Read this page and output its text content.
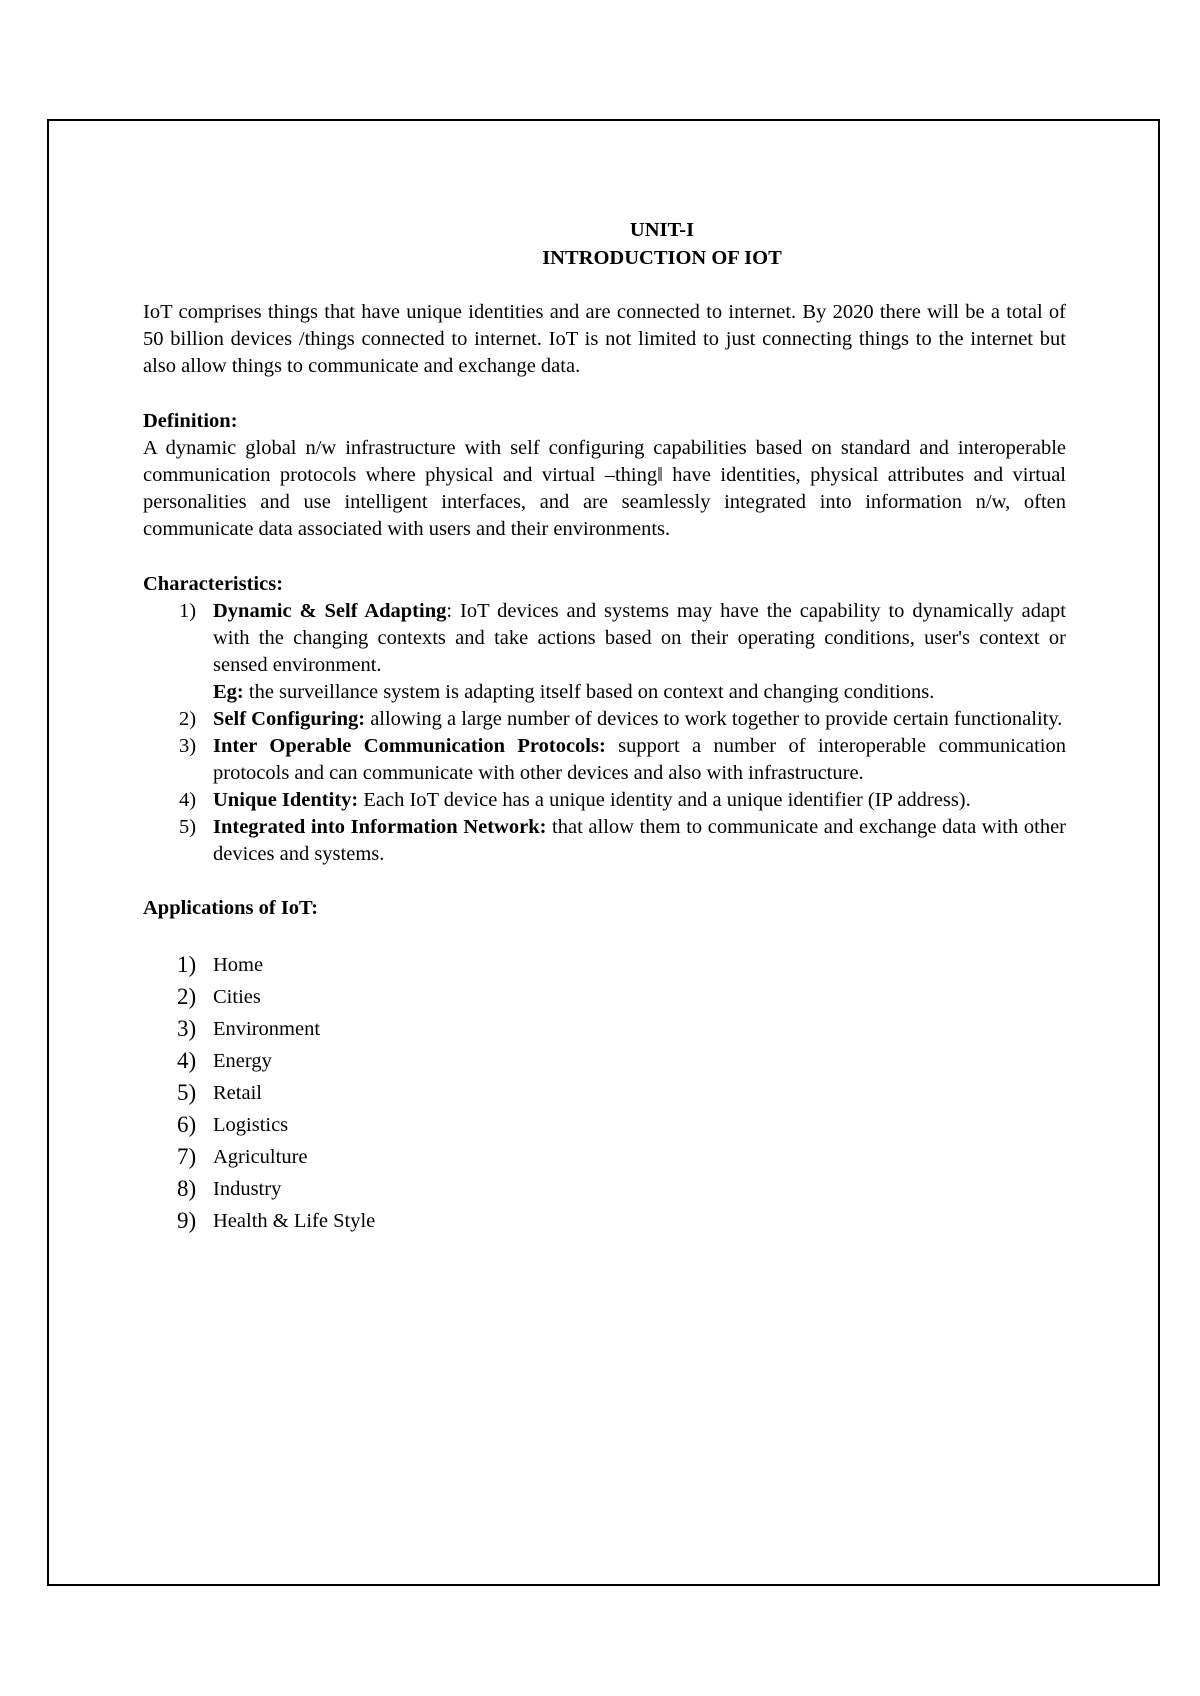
UNIT-I
INTRODUCTION OF IOT

IoT comprises things that have unique identities and are connected to internet. By 2020 there will be a total of 50 billion devices /things connected to internet. IoT is not limited to just connecting things to the internet but also allow things to communicate and exchange data.

Definition:

A dynamic global n/w infrastructure with self configuring capabilities based on standard and interoperable communication protocols where physical and virtual –thing‖ have identities, physical attributes and virtual personalities and use intelligent interfaces, and are seamlessly integrated into information n/w, often communicate data associated with users and their environments.

Characteristics:
1) Dynamic & Self Adapting: IoT devices and systems may have the capability to dynamically adapt with the changing contexts and take actions based on their operating conditions, user's context or sensed environment.
Eg: the surveillance system is adapting itself based on context and changing conditions.
2) Self Configuring: allowing a large number of devices to work together to provide certain functionality.
3) Inter Operable Communication Protocols: support a number of interoperable communication protocols and can communicate with other devices and also with infrastructure.
4) Unique Identity: Each IoT device has a unique identity and a unique identifier (IP address).
5) Integrated into Information Network: that allow them to communicate and exchange data with other devices and systems.
Applications of IoT:
1) Home
2) Cities
3) Environment
4) Energy
5) Retail
6) Logistics
7) Agriculture
8) Industry
9) Health & Life Style
